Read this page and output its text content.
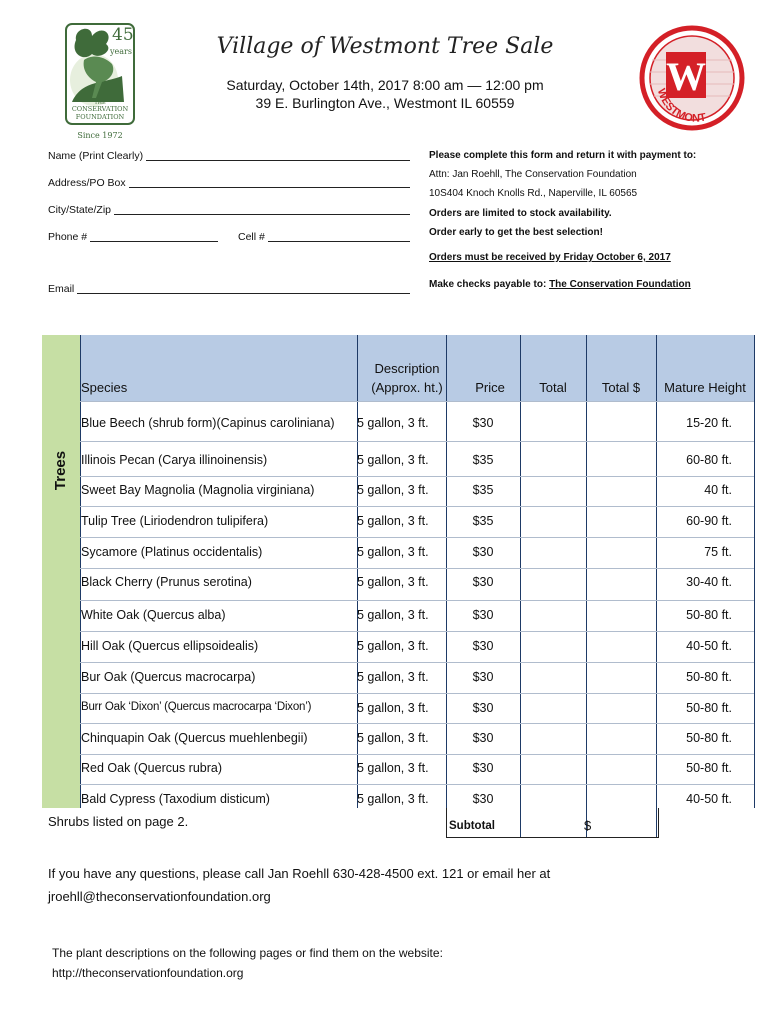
45
years
THE
CONSERVATION
FOUNDATION
Since 1972
W
WESTMONT
Village of Westmont Tree Sale
Saturday, October 14th, 2017 8:00 am — 12:00 pm
39 E. Burlington Ave., Westmont IL 60559
Name (Print Clearly)
Address/PO Box
City/State/Zip
Phone #	Cell #
Email
Please complete this form and return it with payment to:
Attn: Jan Roehll, The Conservation Foundation
10S404 Knoch Knolls Rd., Naperville, IL 60565
Orders are limited to stock availability.
Order early to get the best selection!
Orders must be received by Friday October 6, 2017
Make checks payable to: The Conservation Foundation
Trees
Species
Description
(Approx. ht.)	Price	Total	Total $	Mature Height
Blue Beech (shrub form)(Capinus caroliniana) 5 gallon, 3 ft.	$30	15-20 ft.
Illinois Pecan (Carya illinoinensis)	5 gallon, 3 ft.	$35	60-80 ft.
Sweet Bay Magnolia (Magnolia virginiana)	5 gallon, 3 ft.	$35	40 ft.
Tulip Tree (Liriodendron tulipifera)	5 gallon, 3 ft.	$35	60-90 ft.
Sycamore (Platinus occidentalis)	5 gallon, 3 ft.	$30	75 ft.
Black Cherry (Prunus serotina)	5 gallon, 3 ft.	$30	30-40 ft.
White Oak (Quercus alba)	5 gallon, 3 ft.	$30	50-80 ft.
Hill Oak (Quercus ellipsoidealis)	5 gallon, 3 ft.	$30	40-50 ft.
Bur Oak (Quercus macrocarpa)	5 gallon, 3 ft.	$30	50-80 ft.
Burr Oak ‘Dixon’ (Quercus macrocarpa ‘Dixon’)	5 gallon, 3 ft.	$30	50-80 ft.
Chinquapin Oak (Quercus muehlenbegii)	5 gallon, 3 ft.	$30	50-80 ft.
Red Oak (Quercus rubra)	5 gallon, 3 ft.	$30	50-80 ft.
Bald Cypress (Taxodium disticum)	5 gallon, 3 ft.	$30	40-50 ft.
Subtotal	$
Shrubs listed on page 2.
If you have any questions, please call Jan Roehll 630-428-4500 ext. 121 or email her at
jroehll@theconservationfoundation.org
The plant descriptions on the following pages or find them on the website:
http://theconservationfoundation.org
